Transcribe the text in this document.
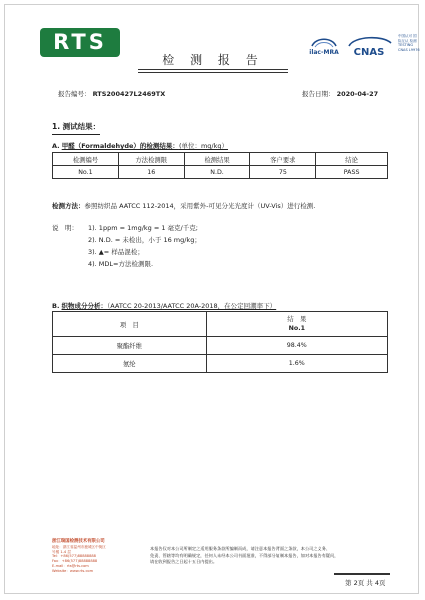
RTS
检 测 报 告
ilac-MRA CNAS
中国认可 国际互认 检测 TESTING CNAS L9976
报告编号： RTS200427L2469TX	报告日期： 2020-04-27
1. 测试结果：
A. 甲醛（Formaldehyde）的检测结果：(单位：mg/kg）
检测编号	方法检测限	检测结果	客户要求	结论
No.1	16	N.D.	75	PASS
检测方法：参照纺织品 AATCC 112-2014，采用紫外-可见分光光度计（UV-Vis）进行检测.
说　明： 1). 1ppm = 1mg/kg = 1 毫克/千克;
2). N.D. = 未检出，小于 16 mg/kg；
3). ▲= 样品混检；
4). MDL=方法检测限.
B. 织物成分分析：（AATCC 20-2013/AATCC 20A-2018，在公定回潮率下）
项　目	结　果
No.1

聚酯纤维	98.4%
氨纶	1.6%
浙江瑞国检测技术有限公司
地址：浙江省温州市鹿城区中街区
号楼 1-4 层
Tel：+86(577)88888888
Fax：+86(577)88888888
E-mail：rts@rts.com
Website：www.rts.com
本报告仅对本公司所制定之适用服务条款所编制而成，请注意本报告背面之条款，本公司之义务、
免责、管辖等均有明确规定，任何人未经本公司书面批准，不得部分复制本报告，如对本报告有疑问，
请在收到报告之日起十五日内提出。
第 2页 共 4页
